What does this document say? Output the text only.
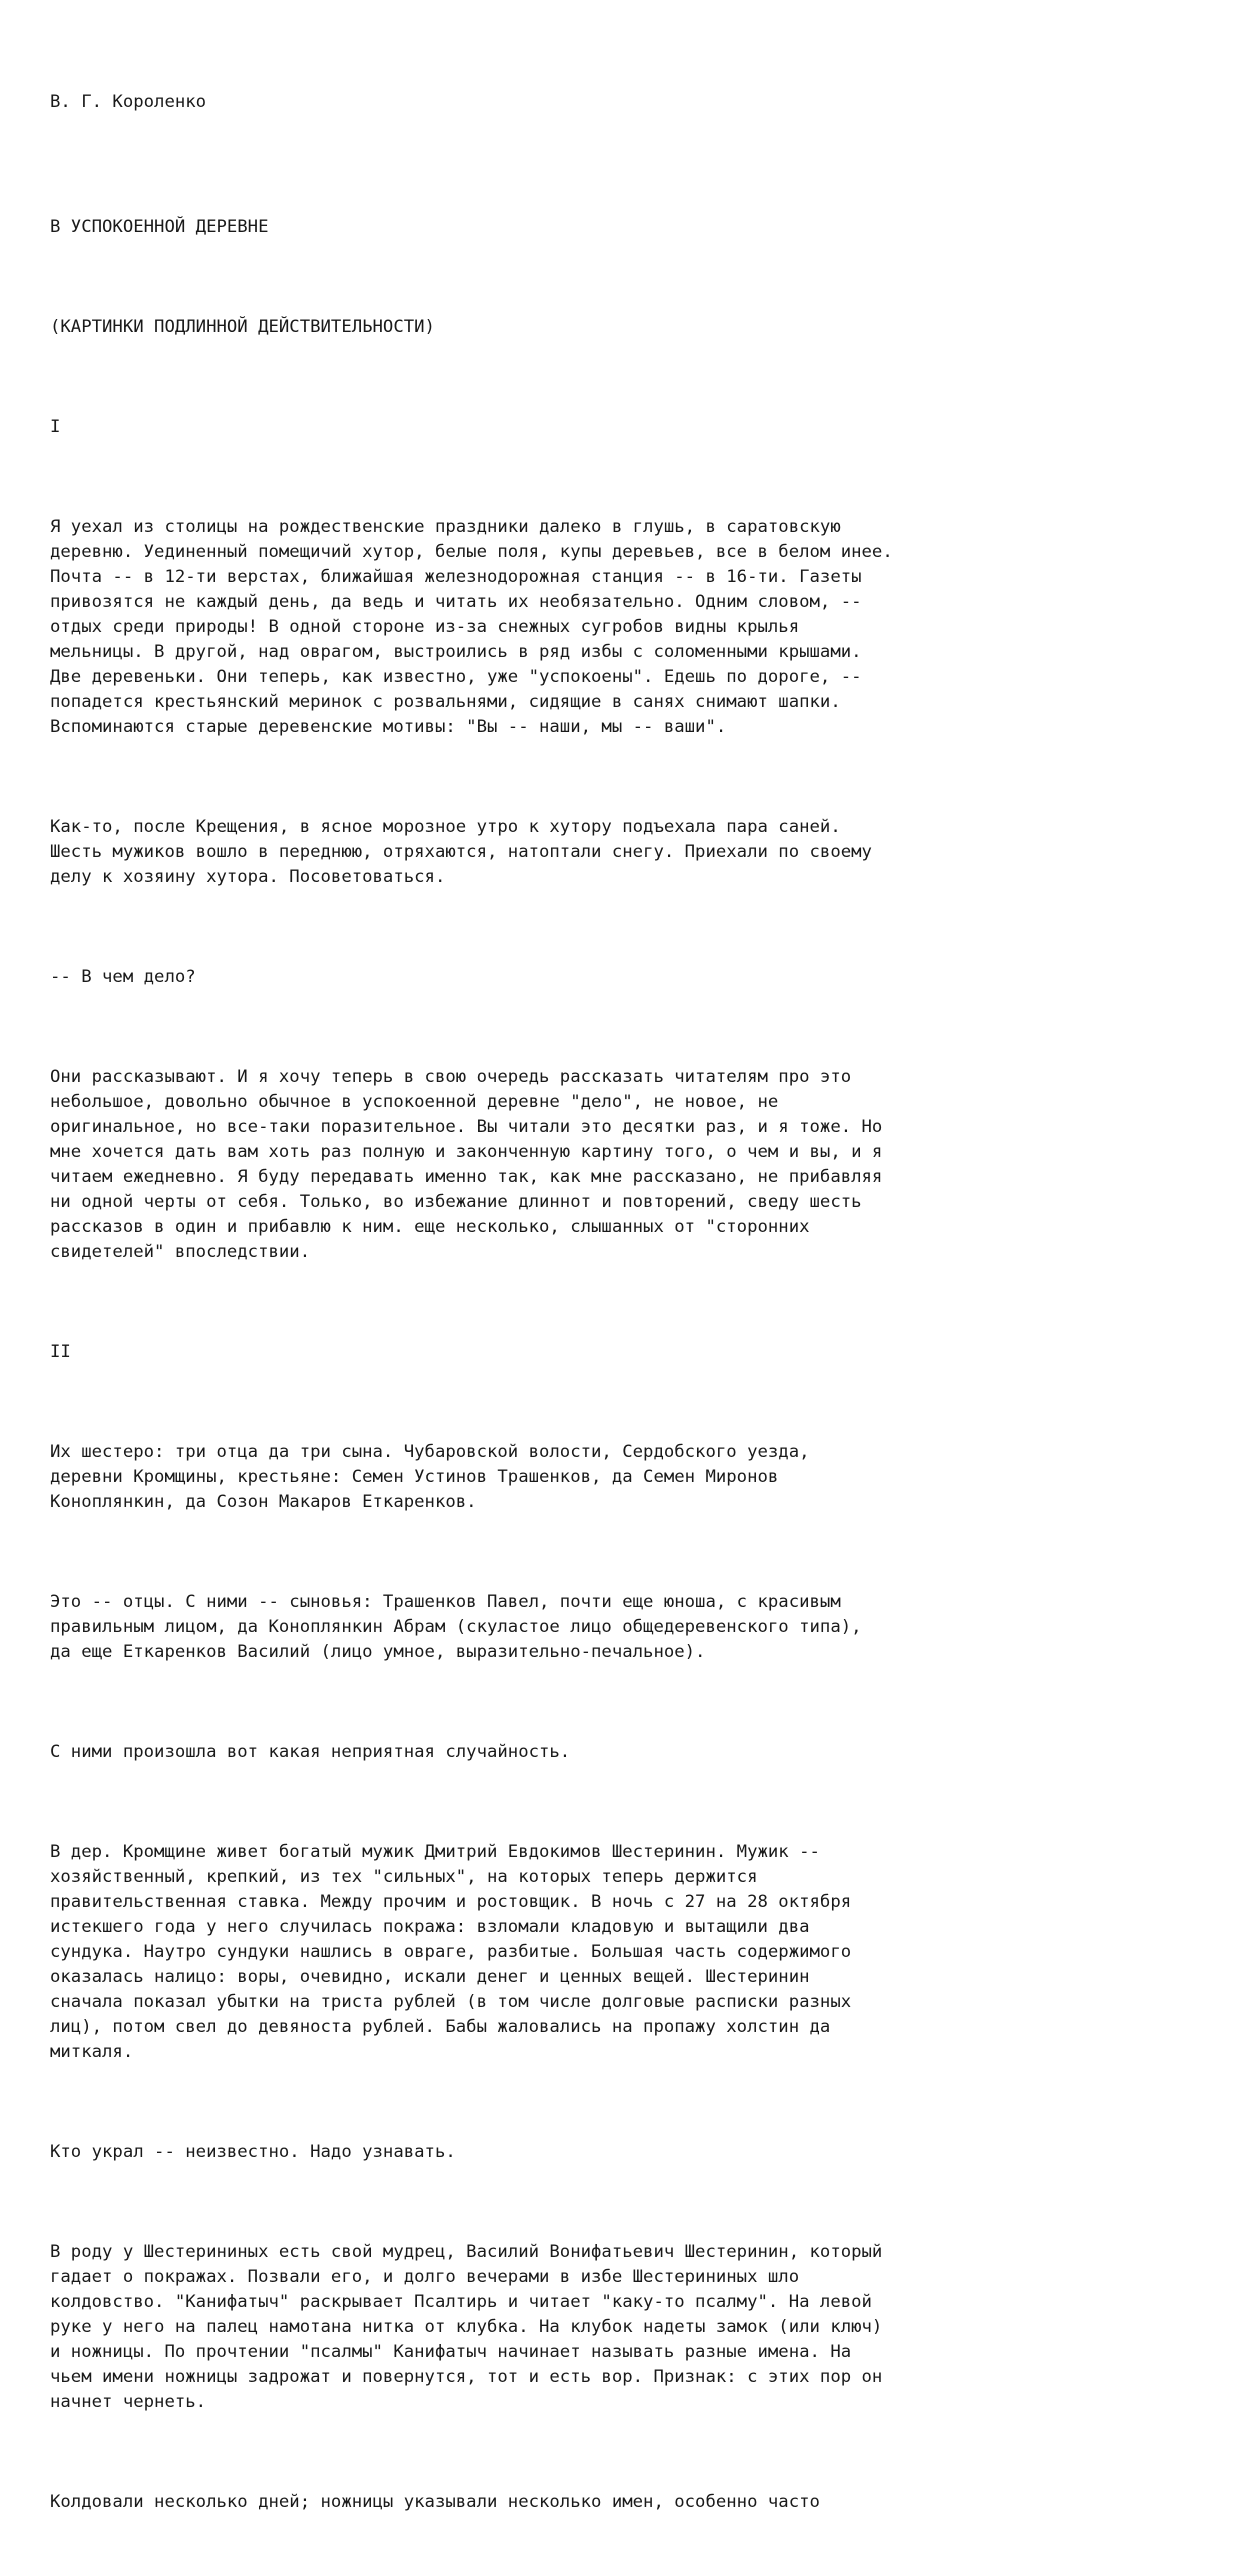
В. Г. Короленко

В УСПОКОЕННОЙ ДЕРЕВНЕ

(КАРТИНКИ ПОДЛИННОЙ ДЕЙСТВИТЕЛЬНОСТИ)

I

Я уехал из столицы на рождественские праздники далеко в глушь, в саратовскую
деревню. Уединенный помещичий хутор, белые поля, купы деревьев, все в белом инее.
Почта -- в 12-ти верстах, ближайшая железнодорожная станция -- в 16-ти. Газеты
привозятся не каждый день, да ведь и читать их необязательно. Одним словом, --
отдых среди природы! В одной стороне из-за снежных сугробов видны крылья
мельницы. В другой, над оврагом, выстроились в ряд избы с соломенными крышами.
Две деревеньки. Они теперь, как известно, уже "успокоены". Едешь по дороге, --
попадется крестьянский меринок с розвальнями, сидящие в санях снимают шапки.
Вспоминаются старые деревенские мотивы: "Вы -- наши, мы -- ваши".

Как-то, после Крещения, в ясное морозное утро к хутору подъехала пара саней.
Шесть мужиков вошло в переднюю, отряхаются, натоптали снегу. Приехали по своему
делу к хозяину хутора. Посоветоваться.

-- В чем дело?

Они рассказывают. И я хочу теперь в свою очередь рассказать читателям про это
небольшое, довольно обычное в успокоенной деревне "дело", не новое, не
оригинальное, но все-таки поразительное. Вы читали это десятки раз, и я тоже. Но
мне хочется дать вам хоть раз полную и законченную картину того, о чем и вы, и я
читаем ежедневно. Я буду передавать именно так, как мне рассказано, не прибавляя
ни одной черты от себя. Только, во избежание длиннот и повторений, сведу шесть
рассказов в один и прибавлю к ним. еще несколько, слышанных от "сторонних
свидетелей" впоследствии.

II

Их шестеро: три отца да три сына. Чубаровской волости, Сердобского уезда,
деревни Кромщины, крестьяне: Семен Устинов Трашенков, да Семен Миронов
Коноплянкин, да Созон Макаров Еткаренков.

Это -- отцы. С ними -- сыновья: Трашенков Павел, почти еще юноша, с красивым
правильным лицом, да Коноплянкин Абрам (скуластое лицо общедеревенского типа),
да еще Еткаренков Василий (лицо умное, выразительно-печальное).

С ними произошла вот какая неприятная случайность.

В дер. Кромщине живет богатый мужик Дмитрий Евдокимов Шестеринин. Мужик --
хозяйственный, крепкий, из тех "сильных", на которых теперь держится
правительственная ставка. Между прочим и ростовщик. В ночь с 27 на 28 октября
истекшего года у него случилась покража: взломали кладовую и вытащили два
сундука. Наутро сундуки нашлись в овраге, разбитые. Большая часть содержимого
оказалась налицо: воры, очевидно, искали денег и ценных вещей. Шестеринин
сначала показал убытки на триста рублей (в том числе долговые расписки разных
лиц), потом свел до девяноста рублей. Бабы жаловались на пропажу холстин да
миткаля.

Кто украл -- неизвестно. Надо узнавать.

В роду у Шестерининых есть свой мудрец, Василий Вонифатьевич Шестеринин, который
гадает о покражах. Позвали его, и долго вечерами в избе Шестерининых шло
колдовство. "Канифатыч" раскрывает Псалтирь и читает "каку-то псалму". На левой
руке у него на палец намотана нитка от клубка. На клубок надеты замок (или ключ)
и ножницы. По прочтении "псалмы" Канифатыч начинает называть разные имена. На
чьем имени ножницы задрожат и повернутся, тот и есть вор. Признак: с этих пор он
начнет чернеть.

Колдовали несколько дней; ножницы указывали несколько имен, особенно часто
